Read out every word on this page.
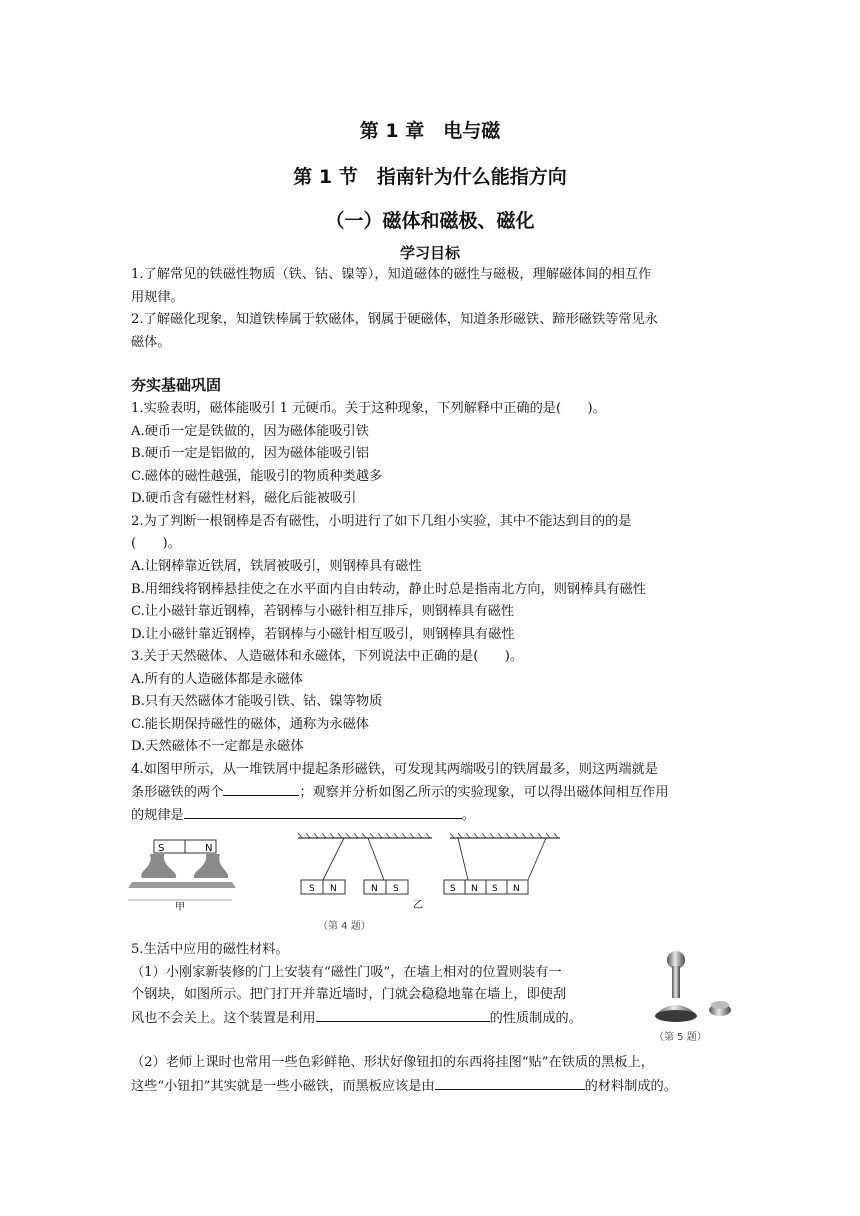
第 1 章　电与磁
第 1 节　指南针为什么能指方向
（一）磁体和磁极、磁化
学习目标
1.了解常见的铁磁性物质（铁、钴、镍等），知道磁体的磁性与磁极，理解磁体间的相互作
用规律。
2.了解磁化现象，知道铁棒属于软磁体，钢属于硬磁体，知道条形磁铁、蹄形磁铁等常见永
磁体。
夯实基础巩固
1.实验表明，磁体能吸引 1 元硬币。关于这种现象，下列解释中正确的是(　　)。
A.硬币一定是铁做的，因为磁体能吸引铁
B.硬币一定是铝做的，因为磁体能吸引铝
C.磁体的磁性越强，能吸引的物质种类越多
D.硬币含有磁性材料，磁化后能被吸引
2.为了判断一根钢棒是否有磁性，小明进行了如下几组小实验，其中不能达到目的的是
(　　)。
A.让钢棒靠近铁屑，铁屑被吸引，则钢棒具有磁性
B.用细线将钢棒悬挂使之在水平面内自由转动，静止时总是指南北方向，则钢棒具有磁性
C.让小磁针靠近钢棒，若钢棒与小磁针相互排斥，则钢棒具有磁性
D.让小磁针靠近钢棒，若钢棒与小磁针相互吸引，则钢棒具有磁性
3.关于天然磁体、人造磁体和永磁体，下列说法中正确的是(　　)。
A.所有的人造磁体都是永磁体
B.只有天然磁体才能吸引铁、钴、镍等物质
C.能长期保持磁性的磁体，通称为永磁体
D.天然磁体不一定都是永磁体
4.如图甲所示，从一堆铁屑中提起条形磁铁，可发现其两端吸引的铁屑最多，则这两端就是
条形磁铁的两个	；观察并分析如图乙所示的实验现象，可以得出磁体间相互作用
的规律是	。
S	N
甲
S N	N S	S N S N
乙
（第 4 题）
5.生活中应用的磁性材料。
（1）小刚家新装修的门上安装有“磁性门吸”，在墙上相对的位置则装有一
个钢块，如图所示。把门打开并靠近墙时，门就会稳稳地靠在墙上，即使刮
风也不会关上。这个装置是利用	的性质制成的。
（第 5 题）
（2）老师上课时也常用一些色彩鲜艳、形状好像钮扣的东西将挂图“贴”在铁质的黑板上，
这些“小钮扣”其实就是一些小磁铁，而黑板应该是由	的材料制成的。
